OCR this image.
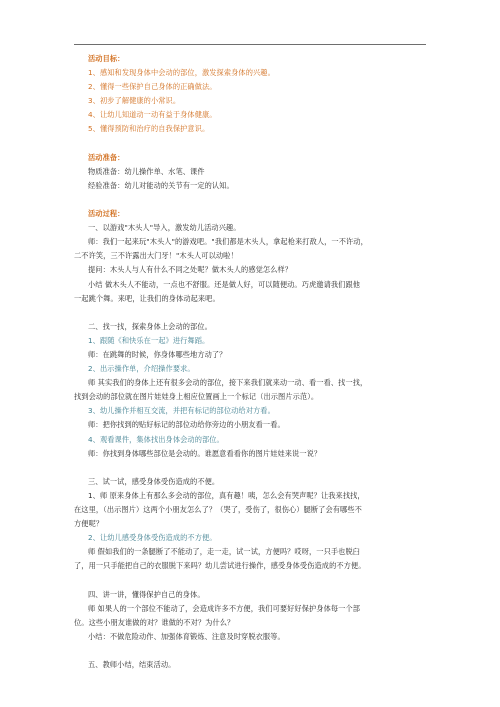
活动目标：

1、感知和发现身体中会动的部位，激发探索身体的兴趣。

2、懂得一些保护自己身体的正确做法。

3、初步了解健康的小常识。

4、让幼儿知道动一动有益于身体健康。

5、懂得预防和治疗的自我保护意识。

活动准备：

物质准备：幼儿操作单、水笔、课件

经验准备：幼儿对能动的关节有一定的认知。

活动过程：

一、以游戏"木头人"导入，激发幼儿活动兴趣。

师：我们一起来玩"木头人"的游戏吧。"我们都是木头人，拿起枪来打敌人，一不许动，

二不许笑，三不许露出大门牙！"木头人可以动啦！

提问：木头人与人有什么不同之处呢？做木头人的感觉怎么样？

小结 做木头人不能动，一点也不舒服。还是做人好，可以随便动。巧虎邀请我们跟他

一起跳个舞。来吧，让我们的身体动起来吧。

二、找一找，探索身体上会动的部位。

1、跟随《和快乐在一起》进行舞蹈。

师：在跳舞的时候，你身体哪些地方动了？

2、出示操作单，介绍操作要求。

师 其实我们的身体上还有很多会动的部位，接下来我们就来动一动、看一看、找一找，

找到会动的部位就在图片娃娃身上相应位置画上一个标记（出示图片示范）。

3、幼儿操作并相互交流，并把有标记的部位动给对方看。

师：把你找到的贴好标记的部位动给你旁边的小朋友看一看。

4、观看课件，集体找出身体会动的部位。

师：你找到身体哪些部位是会动的。谁愿意看看你的图片娃娃来说一说？

三、试一试，感受身体受伤造成的不便。

1、师 原来身体上有那么多会动的部位，真有趣！咦，怎么会有哭声呢？让我来找找，

在这里，（出示图片）这两个小朋友怎么了？（哭了，受伤了，很伤心）腿断了会有哪些不

方便呢？

2、让幼儿感受身体受伤造成的不方便。

师 假如我们的一条腿断了不能动了，走一走，试一试，方便吗？哎呀，一只手也脱臼

了，用一只手能把自己的衣服脱下来吗？幼儿尝试进行操作，感受身体受伤造成的不方便。

四、讲一讲，懂得保护自己的身体。

师 如果人的一个部位不能动了，会造成许多不方便，我们可要好好保护身体每一个部

位。这些小朋友谁做的对？谁做的不对？为什么？

小结：不做危险动作、加强体育锻炼、注意及时穿脱衣服等。

五、教师小结，结束活动。
